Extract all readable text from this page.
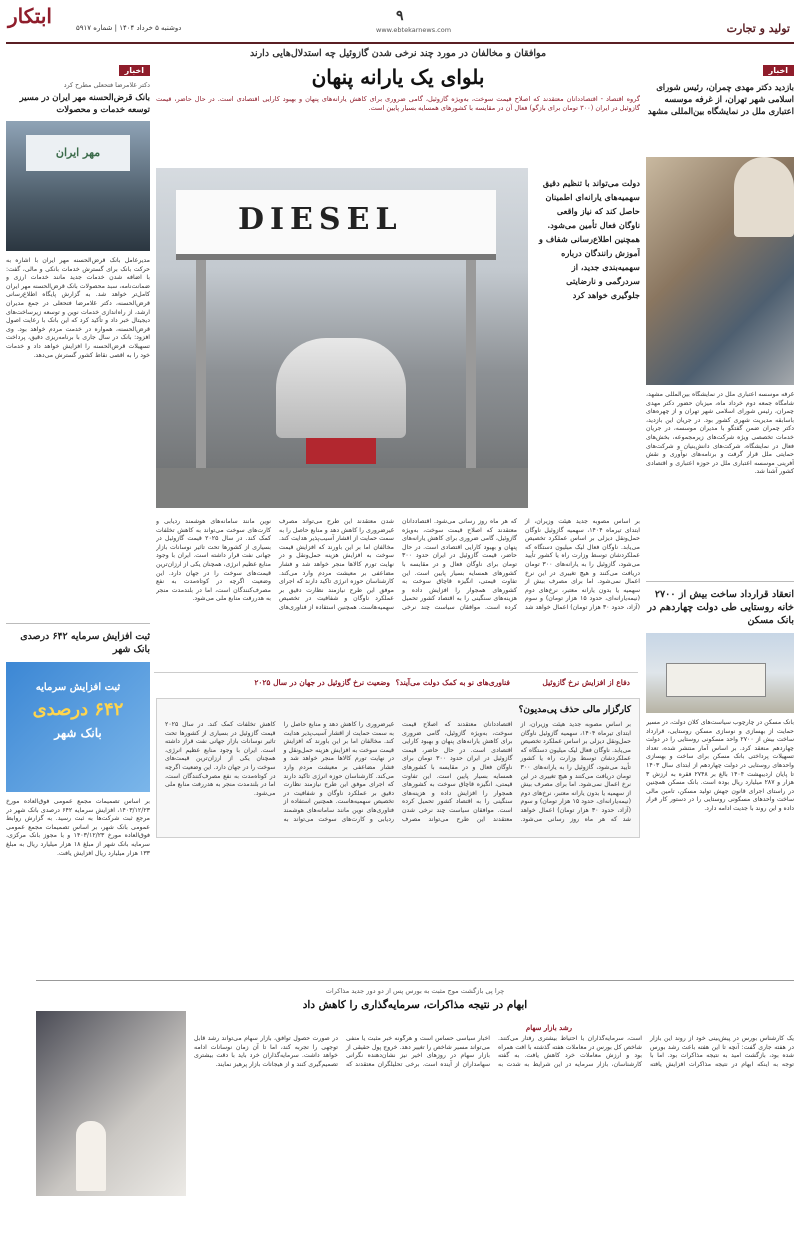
ابتکار	دوشنبه ۵ خرداد ۱۴۰۴ | شماره ۵۹۱۷
۹
www.ebtekarnews.com	تولید و تجارت
اخبار
بازدید دکتر مهدی چمران، رئیس شورای اسلامی شهر تهران، از غرفه موسسه اعتباری ملل در نمایشگاه بین‌المللی مشهد
غرفه موسسه اعتباری ملل در نمایشگاه بین‌المللی مشهد، شامگاه جمعه دوم خرداد ماه، میزبان حضور دکتر مهدی چمران، رئیس شورای اسلامی شهر تهران و از چهره‌های باسابقه مدیریت شهری کشور بود. در جریان این بازدید، دکتر چمران ضمن گفتگو با مدیران موسسه، در جریان خدمات تخصصی ویژه شرکت‌های زیرمجموعه، بخش‌های فعال در نمایشگاه، شرکت‌های دانش‌بنیان و شرکت‌های حمایتی ملل قرار گرفت و برنامه‌های نوآوری و نقش آفرینی موسسه اعتباری ملل در حوزه اعتباری و اقتصادی کشور آشنا شد.
انعقاد قرارداد ساخت بیش از ۲۷۰۰ خانه روستایی طی دولت چهاردهم در بانک مسکن
بانک مسکن در چارچوب سیاست‌های کلان دولت، در مسیر حمایت از بهسازی و نوسازی مسکن روستایی، قرارداد ساخت بیش از ۲۷۰۰ واحد مسکونی روستایی را در دولت چهاردهم منعقد کرد. بر اساس آمار منتشر شده، تعداد تسهیلات پرداختی بانک مسکن برای ساخت و بهسازی واحدهای روستایی در دولت چهاردهم از ابتدای سال ۱۴۰۳ تا پایان اردیبهشت ۱۴۰۴ بالغ بر ۲۷۴۸ فقره به ارزش ۳ هزار و ۲۸۷ میلیارد ریال بوده است. بانک مسکن همچنین در راستای اجرای قانون جهش تولید مسکن، تامین مالی ساخت واحدهای مسکونی روستایی را در دستور کار قرار داده و این روند با جدیت ادامه دارد.
موافقان و مخالفان در مورد چند نرخی شدن گازوئیل چه استدلال‌هایی دارند
بلوای یک یارانه پنهان
گروه اقتصاد - اقتصاددانان معتقدند که اصلاح قیمت سوخت، به‌ویژه گازوئیل، گامی ضروری برای کاهش یارانه‌های پنهان و بهبود کارایی اقتصادی است. در حال حاضر، قیمت گازوئیل در ایران (۳۰۰ تومان برای بازگو) فعال آن در مقایسه با کشورهای همسایه بسیار پایین است.
DIESEL
دولت می‌تواند با تنظیم دقیق سهمیه‌های یارانه‌ای اطمینان حاصل کند که نیاز واقعی ناوگان فعال تأمین می‌شود. همچنین اطلاع‌رسانی شفاف و آموزش رانندگان درباره سهمیه‌بندی جدید، از سردرگمی و نارضایتی جلوگیری خواهد کرد
بر اساس مصوبه جدید هیئت وزیران، از ابتدای تیرماه ۱۴۰۴، سهمیه گازوئیل ناوگان حمل‌ونقل دیزلی بر اساس عملکرد تخصیص می‌یابد. ناوگان فعال لیک میلیون دستگاه که عملکردشان توسط وزارت راه یا کشور تأیید می‌شود، گازوئیل را به یارانه‌های ۳۰۰ تومان دریافت می‌کنند و هیچ تغییری در این نرخ اعمال نمی‌شود. اما برای مصرف بیش از سهمیه یا بدون یارانه معتبر، نرخ‌های دوم (نیمه‌یارانه‌ای، حدود ۱۵ هزار تومان) و سوم (آزاد، حدود ۳۰ هزار تومان) اعمال خواهد شد که هر ماه روز رسانی می‌شود. اقتصاددانان معتقدند که اصلاح قیمت سوخت، به‌ویژه گازوئیل، گامی ضروری برای کاهش یارانه‌های پنهان و بهبود کارایی اقتصادی است. در حال حاضر، قیمت گازوئیل در ایران حدود ۳۰۰ تومان برای ناوگان فعال و در مقایسه با کشورهای همسایه بسیار پایین است. این تفاوت قیمتی، انگیزه قاچاق سوخت به کشورهای همجوار را افزایش داده و هزینه‌های سنگینی را به اقتصاد کشور تحمیل کرده است. موافقان سیاست چند نرخی شدن معتقدند این طرح می‌تواند مصرف غیرضروری را کاهش دهد و منابع حاصل را به سمت حمایت از اقشار آسیب‌پذیر هدایت کند. مخالفان اما بر این باورند که افزایش قیمت سوخت به افزایش هزینه حمل‌ونقل و در نهایت تورم کالاها منجر خواهد شد و فشار مضاعفی بر معیشت مردم وارد می‌کند. کارشناسان حوزه انرژی تاکید دارند که اجرای موفق این طرح نیازمند نظارت دقیق بر عملکرد ناوگان و شفافیت در تخصیص سهمیه‌هاست. همچنین استفاده از فناوری‌های نوین مانند سامانه‌های هوشمند ردیابی و کارت‌های سوخت می‌تواند به کاهش تخلفات کمک کند. در سال ۲۰۲۵ قیمت گازوئیل در بسیاری از کشورها تحت تاثیر نوسانات بازار جهانی نفت قرار داشته است. ایران با وجود منابع عظیم انرژی، همچنان یکی از ارزان‌ترین قیمت‌های سوخت را در جهان دارد. این وضعیت اگرچه در کوتاه‌مدت به نفع مصرف‌کنندگان است، اما در بلندمدت منجر به هدررفت منابع ملی می‌شود.
وضعیت نرخ گازوئیل در جهان در سال ۲۰۲۵ فناوری‌های نو به کمک دولت می‌آیند؟	دفاع از افزایش نرخ گازوئیل
کارگزار مالی حذف پی‌مدیون؟
بر اساس مصوبه جدید هیئت وزیران، از ابتدای تیرماه ۱۴۰۴، سهمیه گازوئیل ناوگان حمل‌ونقل دیزلی بر اساس عملکرد تخصیص می‌یابد. ناوگان فعال لیک میلیون دستگاه که عملکردشان توسط وزارت راه یا کشور تأیید می‌شود، گازوئیل را به یارانه‌های ۳۰۰ تومان دریافت می‌کنند و هیچ تغییری در این نرخ اعمال نمی‌شود. اما برای مصرف بیش از سهمیه یا بدون یارانه معتبر، نرخ‌های دوم (نیمه‌یارانه‌ای، حدود ۱۵ هزار تومان) و سوم (آزاد، حدود ۳۰ هزار تومان) اعمال خواهد شد که هر ماه روز رسانی می‌شود. اقتصاددانان معتقدند که اصلاح قیمت سوخت، به‌ویژه گازوئیل، گامی ضروری برای کاهش یارانه‌های پنهان و بهبود کارایی اقتصادی است. در حال حاضر، قیمت گازوئیل در ایران حدود ۳۰۰ تومان برای ناوگان فعال و در مقایسه با کشورهای همسایه بسیار پایین است. این تفاوت قیمتی، انگیزه قاچاق سوخت به کشورهای همجوار را افزایش داده و هزینه‌های سنگینی را به اقتصاد کشور تحمیل کرده است. موافقان سیاست چند نرخی شدن معتقدند این طرح می‌تواند مصرف غیرضروری را کاهش دهد و منابع حاصل را به سمت حمایت از اقشار آسیب‌پذیر هدایت کند. مخالفان اما بر این باورند که افزایش قیمت سوخت به افزایش هزینه حمل‌ونقل و در نهایت تورم کالاها منجر خواهد شد و فشار مضاعفی بر معیشت مردم وارد می‌کند. کارشناسان حوزه انرژی تاکید دارند که اجرای موفق این طرح نیازمند نظارت دقیق بر عملکرد ناوگان و شفافیت در تخصیص سهمیه‌هاست. همچنین استفاده از فناوری‌های نوین مانند سامانه‌های هوشمند ردیابی و کارت‌های سوخت می‌تواند به کاهش تخلفات کمک کند. در سال ۲۰۲۵ قیمت گازوئیل در بسیاری از کشورها تحت تاثیر نوسانات بازار جهانی نفت قرار داشته است. ایران با وجود منابع عظیم انرژی، همچنان یکی از ارزان‌ترین قیمت‌های سوخت را در جهان دارد. این وضعیت اگرچه در کوتاه‌مدت به نفع مصرف‌کنندگان است، اما در بلندمدت منجر به هدررفت منابع ملی می‌شود.
اخبار
دکتر غلامرضا فتحعلی مطرح کرد
بانک قرض‌الحسنه مهر ایران در مسیر توسعه خدمات و محصولات
مهر ایران
مدیرعامل بانک قرض‌الحسنه مهر ایران با اشاره به حرکت بانک برای گسترش خدمات بانکی و مالی، گفت: با اضافه شدن خدمات جدید مانند خدمات ارزی و ضمانت‌نامه، سبد محصولات بانک قرض‌الحسنه مهر ایران کامل‌تر خواهد شد. به گزارش پایگاه اطلاع‌رسانی قرض‌الحسنه، دکتر غلامرضا فتحعلی در جمع مدیران ارشد، از راه‌اندازی خدمات نوین و توسعه زیرساخت‌های دیجیتال خبر داد و تأکید کرد که این بانک با رعایت اصول قرض‌الحسنه، همواره در خدمت مردم خواهد بود. وی افزود: بانک در سال جاری با برنامه‌ریزی دقیق، پرداخت تسهیلات قرض‌الحسنه را افزایش خواهد داد و خدمات خود را به اقصی نقاط کشور گسترش می‌دهد.
ثبت افزایش سرمایه ۶۴۲ درصدی بانک شهر
ثبت افزایش سرمایه
۶۴۲ درصدی
بانک شهر
بر اساس تصمیمات مجمع عمومی فوق‌العاده مورخ ۱۴۰۳/۱۲/۲۳، افزایش سرمایه ۶۴۲ درصدی بانک شهر در مرجع ثبت شرکت‌ها به ثبت رسید. به گزارش روابط عمومی بانک شهر، بر اساس تصمیمات مجمع عمومی فوق‌العاده مورخ ۱۴۰۳/۱۲/۲۳ و با مجوز بانک مرکزی، سرمایه بانک شهر از مبلغ ۱۸ هزار میلیارد ریال به مبلغ ۱۳۳ هزار میلیارد ریال افزایش یافت.
چرا پی بازگشت موج مثبت به بورس پس از دو دور جدید مذاکرات
ابهام در نتیجه مذاکرات، سرمایه‌گذاری را کاهش داد
رشد بازار سهام
یک کارشناس بورس در پیش‌بینی خود از روند این بازار در هفته جاری گفت: آنچه تا این هفته باعث رشد بورس شده بود، بازگشت امید به نتیجه مذاکرات بود. اما با توجه به اینکه ابهام در نتیجه مذاکرات افزایش یافته است، سرمایه‌گذاران با احتیاط بیشتری رفتار می‌کنند. شاخص کل بورس در معاملات هفته گذشته با افت همراه بود و ارزش معاملات خرد کاهش یافت. به گفته کارشناسان، بازار سرمایه در این شرایط به شدت به اخبار سیاسی حساس است و هرگونه خبر مثبت یا منفی می‌تواند مسیر شاخص را تغییر دهد. خروج پول حقیقی از بازار سهام در روزهای اخیر نیز نشان‌دهنده نگرانی سهامداران از آینده است. برخی تحلیلگران معتقدند که در صورت حصول توافق، بازار سهام می‌تواند رشد قابل توجهی را تجربه کند، اما تا آن زمان نوسانات ادامه خواهد داشت. سرمایه‌گذاران خرد باید با دقت بیشتری تصمیم‌گیری کنند و از هیجانات بازار پرهیز نمایند.
